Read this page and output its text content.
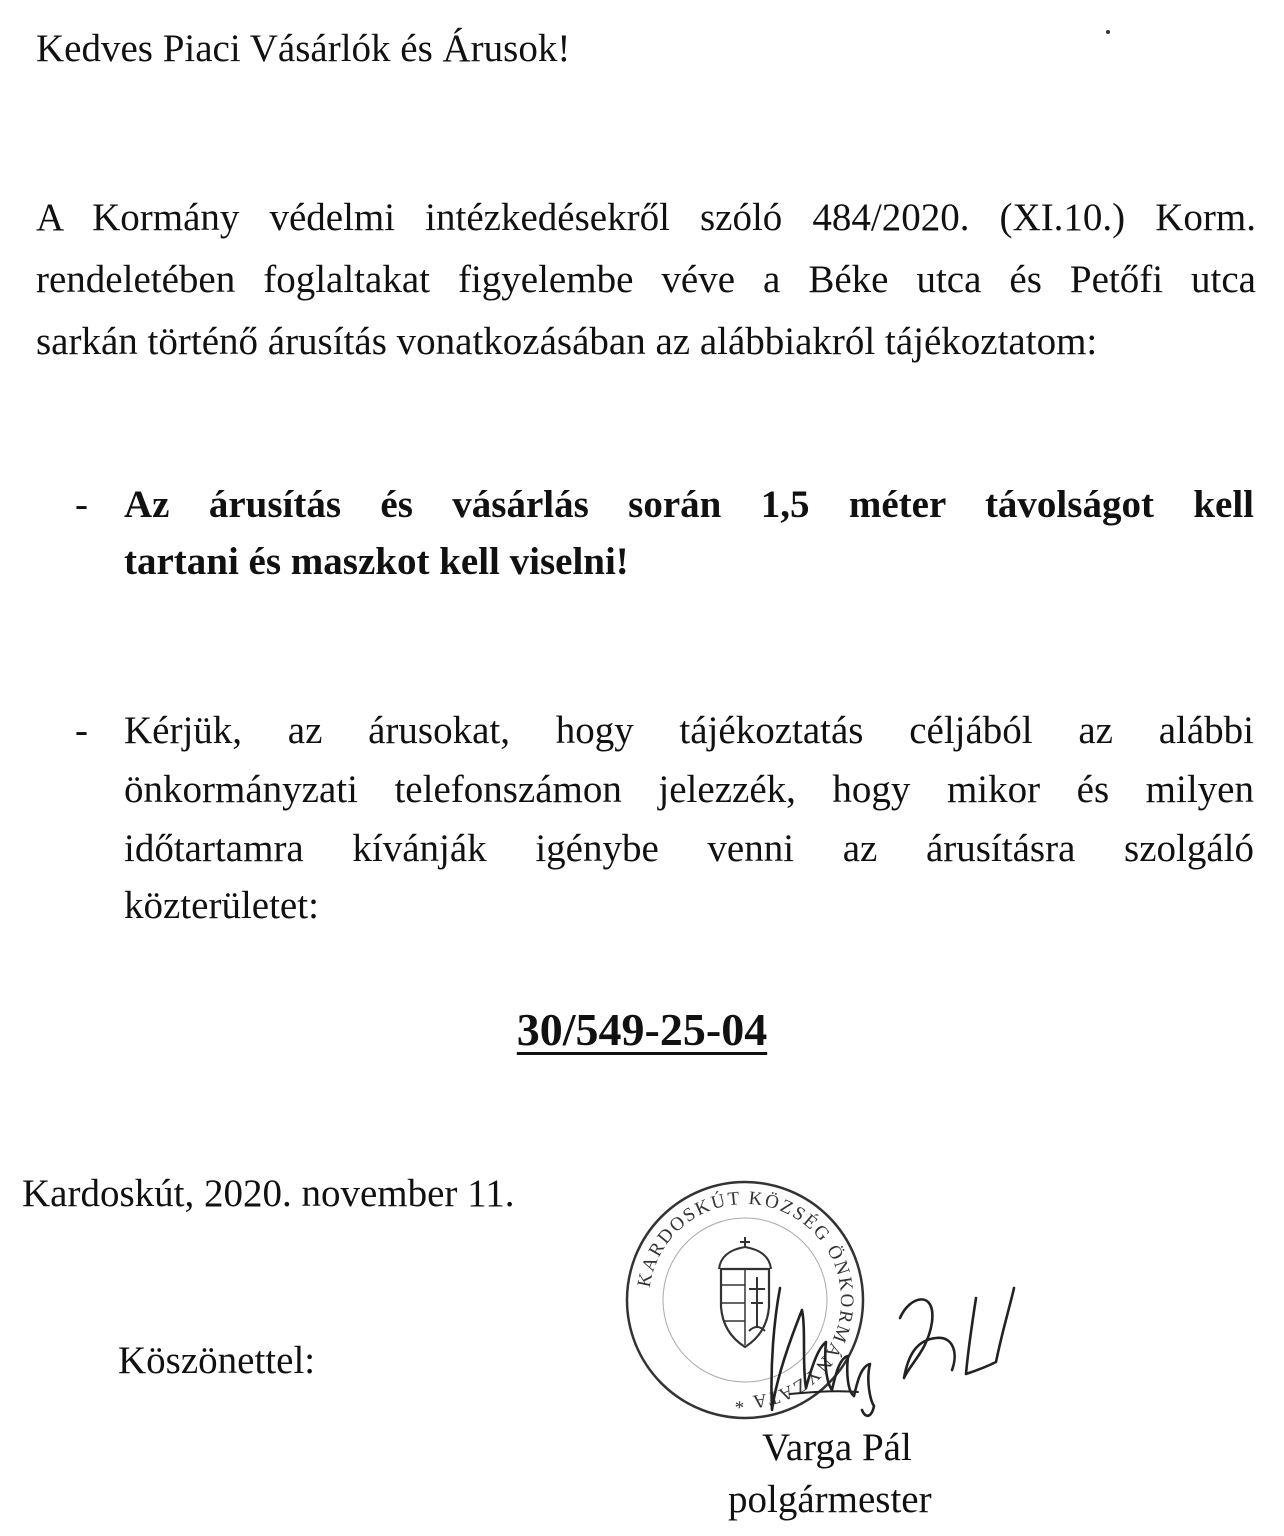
Kedves Piaci Vásárlók és Árusok!
A Kormány védelmi intézkedésekről szóló 484/2020. (XI.10.) Korm.
rendeletében foglaltakat figyelembe véve a Béke utca és Petőfi utca
sarkán történő árusítás vonatkozásában az alábbiakról tájékoztatom:
- Az árusítás és vásárlás során 1,5 méter távolságot kell
tartani és maszkot kell viselni!
- Kérjük, az árusokat, hogy tájékoztatás céljából az alábbi
önkormányzati telefonszámon jelezzék, hogy mikor és milyen
időtartamra kívánják igénybe venni az árusításra szolgáló
közterületet:
30/549-25-04
Kardoskút, 2020. november 11.
Köszönettel:
KARDOSKÚT KÖZSÉG ÖNKORMÁNYZATA *
Varga Pál
polgármester
